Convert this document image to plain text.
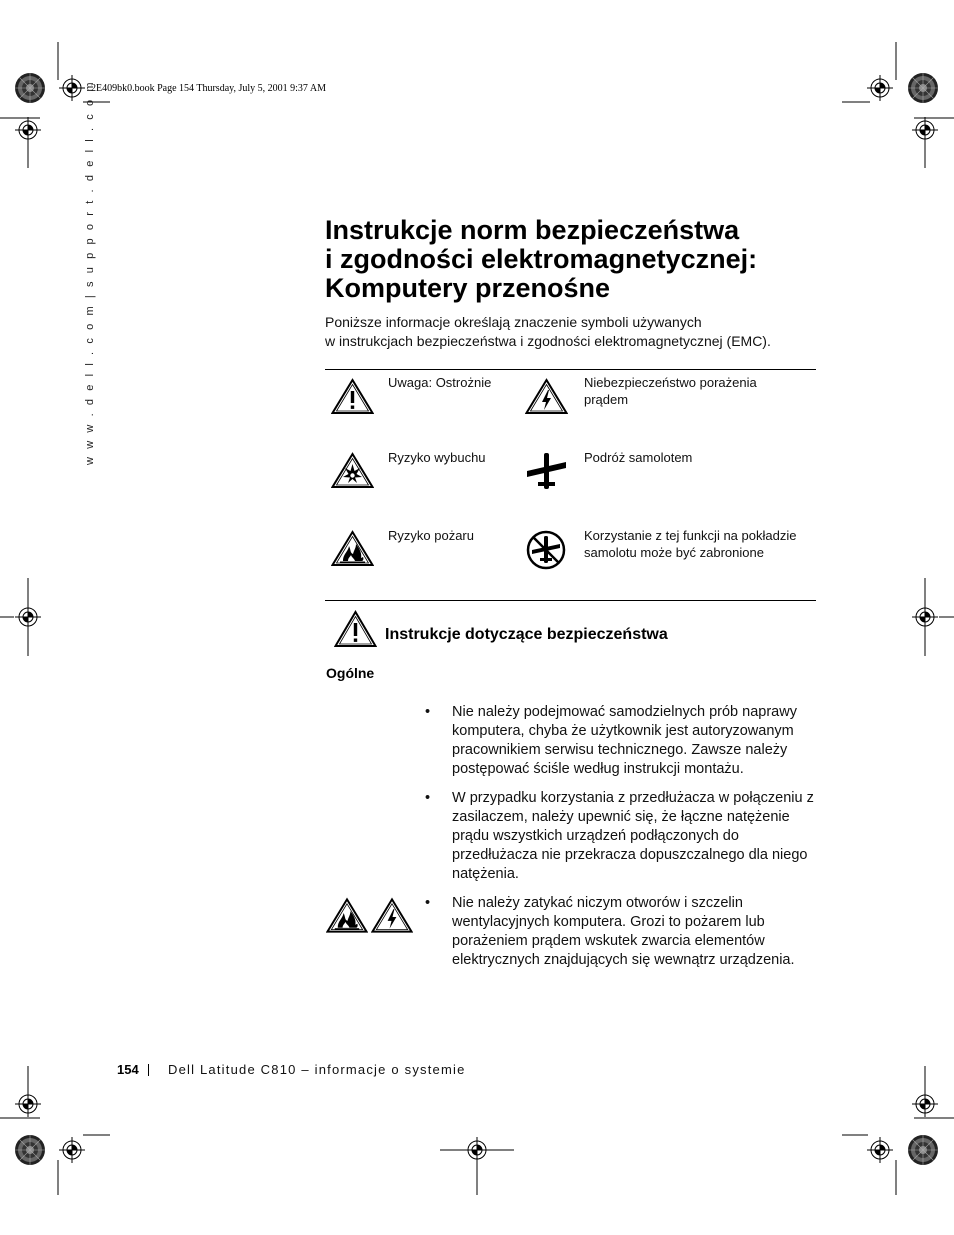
2E409bk0.book Page 154 Thursday, July 5, 2001 9:37 AM
w w w . d e l l . c o m | s u p p o r t . d e l l . c o m	Instrukcje norm bezpieczeństwa
i zgodności elektromagnetycznej:
Komputery przenośne
Poniższe informacje określają znaczenie symboli używanych
w instrukcjach bezpieczeństwa i zgodności elektromagnetycznej (EMC).
Uwaga: Ostrożnie	Niebezpieczeństwo porażenia prądem
Ryzyko wybuchu	Podróż samolotem
Ryzyko pożaru	Korzystanie z tej funkcji na pokładzie samolotu może być zabronione
Instrukcje dotyczące bezpieczeństwa
Ogólne
• Nie należy podejmować samodzielnych prób naprawy komputera, chyba że użytkownik jest autoryzowanym pracownikiem serwisu technicznego. Zawsze należy postępować ściśle według instrukcji montażu.
• W przypadku korzystania z przedłużacza w połączeniu z zasilaczem, należy upewnić się, że łączne natężenie prądu wszystkich urządzeń podłączonych do przedłużacza nie przekracza dopuszczalnego dla niego natężenia.
• Nie należy zatykać niczym otworów i szczelin wentylacyjnych komputera. Grozi to pożarem lub porażeniem prądem wskutek zwarcia elementów elektrycznych znajdujących się wewnątrz urządzenia.
154 Dell Latitude C810 – informacje o systemie
